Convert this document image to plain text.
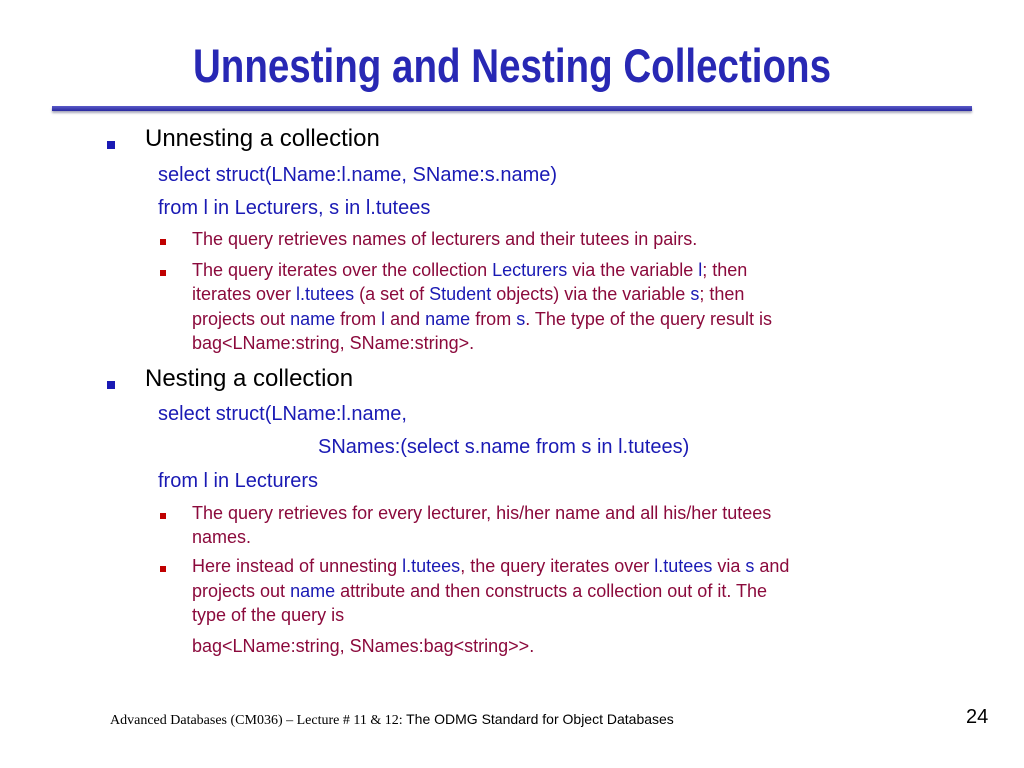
Unnesting and Nesting Collections
Unnesting a collection
select struct(LName:l.name, SName:s.name)
from l in Lecturers, s in l.tutees
The query retrieves names of lecturers and their tutees in pairs.
The query iterates over the collection Lecturers via the variable l; then
iterates over l.tutees (a set of Student objects) via the variable s; then
projects out name from l and name from s. The type of the query result is
bag<LName:string, SName:string>.
Nesting a collection
select struct(LName:l.name,
SNames:(select s.name from s in l.tutees)
from l in Lecturers
The query retrieves for every lecturer, his/her name and all his/her tutees
names.
Here instead of unnesting l.tutees, the query iterates over l.tutees via s and
projects out name attribute and then constructs a collection out of it. The
type of the query is
bag<LName:string, SNames:bag<string>>.
Advanced Databases (CM036) – Lecture # 11 & 12: The ODMG Standard for Object Databases	24
